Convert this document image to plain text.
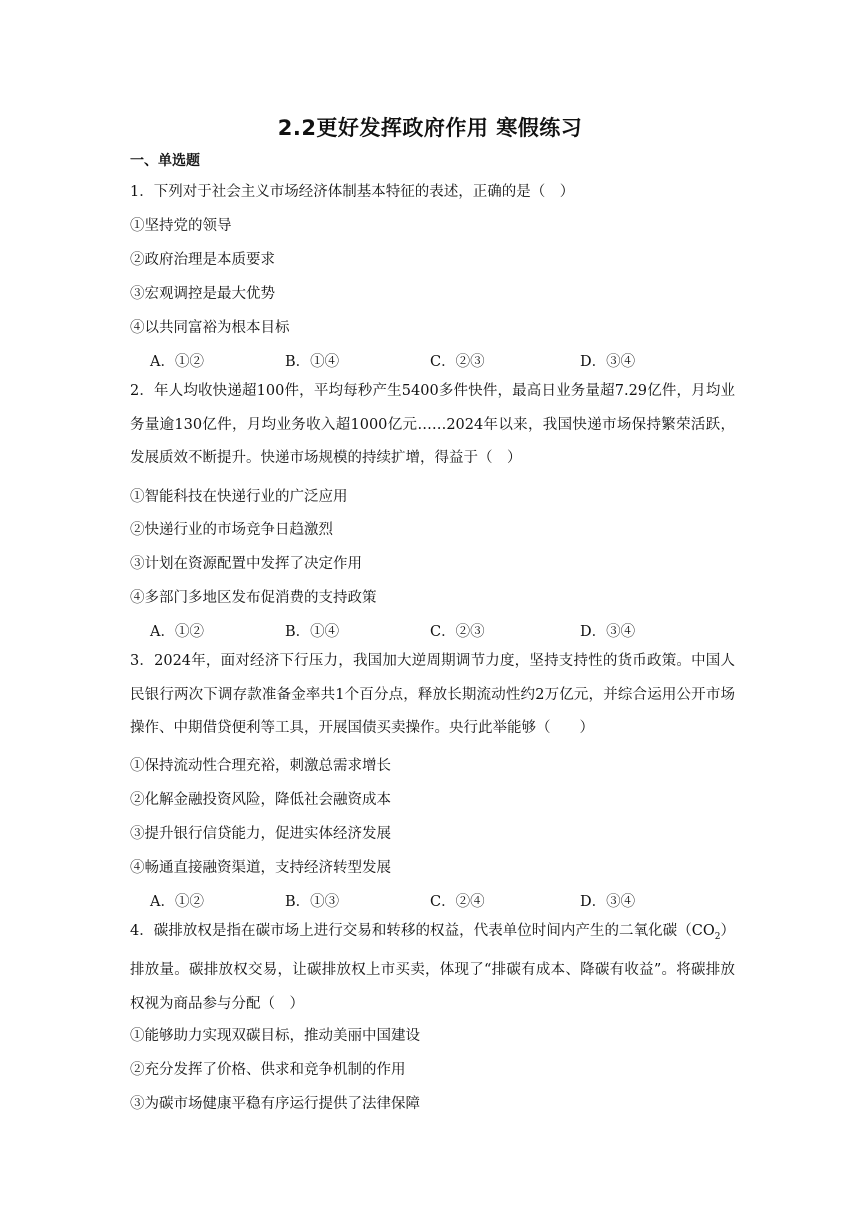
2.2更好发挥政府作用 寒假练习
一、单选题
1．下列对于社会主义市场经济体制基本特征的表述，正确的是（　）
①坚持党的领导
②政府治理是本质要求
③宏观调控是最大优势
④以共同富裕为根本目标
A．①②	B．①④	C．②③	D．③④
2．年人均收快递超100件，平均每秒产生5400多件快件，最高日业务量超7.29亿件，月均业务量逾130亿件，月均业务收入超1000亿元……2024年以来，我国快递市场保持繁荣活跃，发展质效不断提升。快递市场规模的持续扩增，得益于（　）
①智能科技在快递行业的广泛应用
②快递行业的市场竞争日趋激烈
③计划在资源配置中发挥了决定作用
④多部门多地区发布促消费的支持政策
A．①②	B．①④	C．②③	D．③④
3．2024年，面对经济下行压力，我国加大逆周期调节力度，坚持支持性的货币政策。中国人民银行两次下调存款准备金率共1个百分点，释放长期流动性约2万亿元，并综合运用公开市场操作、中期借贷便利等工具，开展国债买卖操作。央行此举能够（　　）
①保持流动性合理充裕，刺激总需求增长
②化解金融投资风险，降低社会融资成本
③提升银行信贷能力，促进实体经济发展
④畅通直接融资渠道，支持经济转型发展
A．①②	B．①③	C．②④	D．③④
4．碳排放权是指在碳市场上进行交易和转移的权益，代表单位时间内产生的二氧化碳$(CO_2)$排放量。碳排放权交易，让碳排放权上市买卖，体现了“排碳有成本、降碳有收益”。将碳排放权视为商品参与分配（　）
①能够助力实现双碳目标，推动美丽中国建设
②充分发挥了价格、供求和竞争机制的作用
③为碳市场健康平稳有序运行提供了法律保障
